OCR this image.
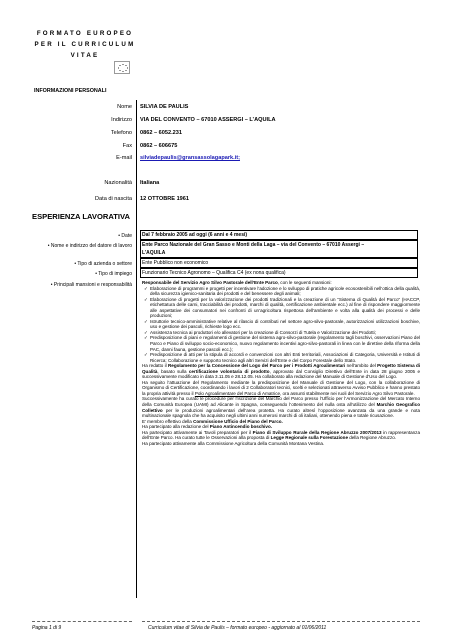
FORMATO EUROPEO
PER IL CURRICULUM
VITAE
INFORMAZIONI PERSONALI
Nome SILVIA DE PAULIS
Indirizzo VIA DEL CONVENTO – 67010 ASSERGI – L’AQUILA
Telefono 0862 – 6052.231
Fax 0862 – 606675
E-mail silviadepaulis@gransassolagapark.it;
Nazionalità Italiana
Data di nascita 12 OTTOBRE 1961
ESPERIENZA LAVORATIVA
• Date Dal 7 febbraio 2005 ad oggi (6 anni e 4 mesi)
• Nome e indirizzo del datore di lavoro Ente Parco Nazionale del Gran Sasso e Monti della Laga – via del Convento – 67010 Assergi –
L’AQUILA
• Tipo di azienda o settore Ente Pubblico non economico
• Tipo di impiego Funzionario Tecnico Agronomo – Qualifica C4 (ex nona qualifica)
• Principali mansioni e responsabilità Responsabile del Servizio Agro Silvo Pastorale dell’Ente Parco, con le seguenti mansioni:
✓ Elaborazione di programmi e progetti per incentivare l’adozione e lo sviluppo di pratiche agricole ecosostenibili nell’ottica della qualità, della sicurezza igienico-sanitaria dei prodotti e del benessere degli animali;
✓ Elaborazione di progetti per la valorizzazione dei prodotti tradizionali e la creazione di un “Sistema di Qualità del Parco” (HACCP, etichettatura delle carni, tracciabilità dei prodotti, marchi di qualità, certificazione ambientale ecc.) al fine di rispondere maggiormente alle aspettative dei consumatori nei confronti di un’agricoltura rispettosa dell’ambiente e volta alla qualità dei processi e delle produzioni;
✓ Istruttorie tecnico-amministrative relative al rilascio di contributi nel settore agro-silvo-pastorale, autorizzazioni utilizzazioni boschive, uso e gestione dei pascoli, richieste logo ecc.
✓ Assistenza tecnica ai produttori e/o allevatori per la creazione di Consorzi di Tutela e Valorizzazione dei Prodotti;
✓ Predisposizione di piani e regolamenti di gestione del sistema agro-silvo-pastorale (regolamento tagli boschivi, osservazioni Piano del Parco e Piano di sviluppo socio-economico, nuovo regolamento incentivi agro-silvo-pastorali in linea con le direttive della riforma della PAC, danni fauna, gestione pascoli ecc.);
✓ Predisposizione di atti per la stipula di accordi e convenzioni con altri Enti territoriali, Associazioni di Categoria, Università e Istituti di Ricerca; Collaborazione e supporto tecnico agli altri Servizi dell’Ente e del Corpo Forestale dello Stato.
Ha redatto il Regolamento per la Concessione del Logo del Parco per i Prodotti Agroalimentari nell’ambito del Progetto Sistema di Qualità, basato sulla certificazione volontaria di prodotto, approvato dal Consiglio Direttivo dell’Ente in data 28 giugno 2005 e successivamente modificato in data 3.11.05 e 28.12.05. Ha collaborato alla redazione del Manuale di Gestione d’Uso del Logo.
Ha seguito l’attuazione del Regolamento mediante la predisposizione del Manuale di Gestione del Logo, con la collaborazione di Organismo di Certificazione, coordinando i lavori di 2 Collaboratori tecnici, scelti e selezionati attraverso Avviso Pubblico e hanno prestato la propria attività presso il Polo Agroalimentare del Parco di Amatrice, ora assunti stabilmente nei ruoli del Servizio Agro Silvo Pastorale.
Successivamente ha curato le procedure per l’iscrizione del Marchio del Parco presso l’Ufficio per l’Armonizzazione del Mercato Interno della Comunità Europea (UAMI) ad Alicante in Spagna, conseguendo l’ottenimento del nulla osta all’utilizzo del Marchio Geografico Collettivo per le produzioni agroalimentari dell’area protetta. Ha curato altresì l’opposizione avanzata da una grande e nota multinazionale spagnola che ha acquisito negli ultimi anni numerosi marchi di oli italiani, ottenendo piena e totale ricusazione.
E’ membro effettivo della Commissione Ufficio del Piano del Parco.
Ha partecipato alla redazione del Piano Antincendio boschivo.
Ha partecipato attivamente ai Tavoli preparatori per il Piano di Sviluppo Rurale della Regione Abruzzo 2007/2013 in rappresentanza dell’Ente Parco. Ha curato tutte le Osservazioni alla proposta di Legge Regionale sulla Forestazione della Regione Abruzzo.
Ha partecipato attivamente alla Commissione Agricoltura della Comunità Montana Vestina.
Pagina 1 di 9	Curriculum vitae di Silvia de Paulis – formato europeo - aggiornato al 01/06/2011
